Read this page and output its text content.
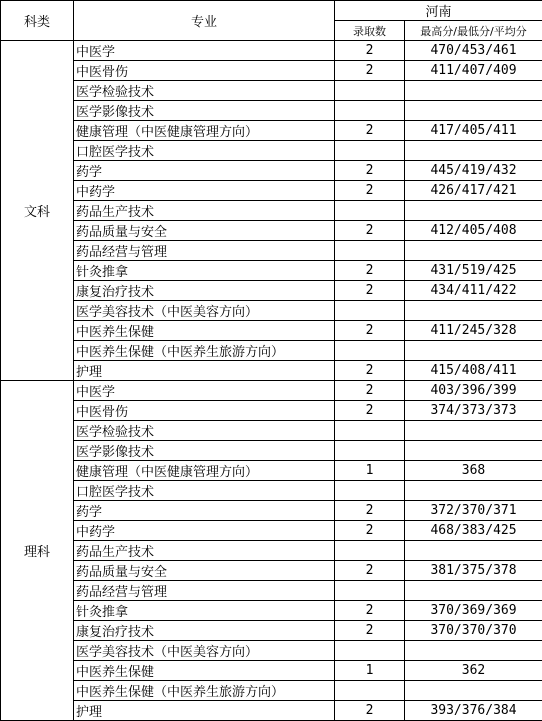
科类	专业	河南	
		录取数	最高分/最低分/平均分
文科	中医学	2	470/453/461
	中医骨伤	2	411/407/409
	医学检验技术		
	医学影像技术		
	健康管理（中医健康管理方向）	2	417/405/411
	口腔医学技术		
	药学	2	445/419/432
	中药学	2	426/417/421
	药品生产技术		
	药品质量与安全	2	412/405/408
	药品经营与管理		
	针灸推拿	2	431/519/425
	康复治疗技术	2	434/411/422
	医学美容技术（中医美容方向）		
	中医养生保健	2	411/245/328
	中医养生保健（中医养生旅游方向）		
	护理	2	415/408/411
理科	中医学	2	403/396/399
	中医骨伤	2	374/373/373
	医学检验技术		
	医学影像技术		
	健康管理（中医健康管理方向）	1	368
	口腔医学技术		
	药学	2	372/370/371
	中药学	2	468/383/425
	药品生产技术		
	药品质量与安全	2	381/375/378
	药品经营与管理		
	针灸推拿	2	370/369/369
	康复治疗技术	2	370/370/370
	医学美容技术（中医美容方向）		
	中医养生保健	1	362
	中医养生保健（中医养生旅游方向）		
	护理	2	393/376/384
